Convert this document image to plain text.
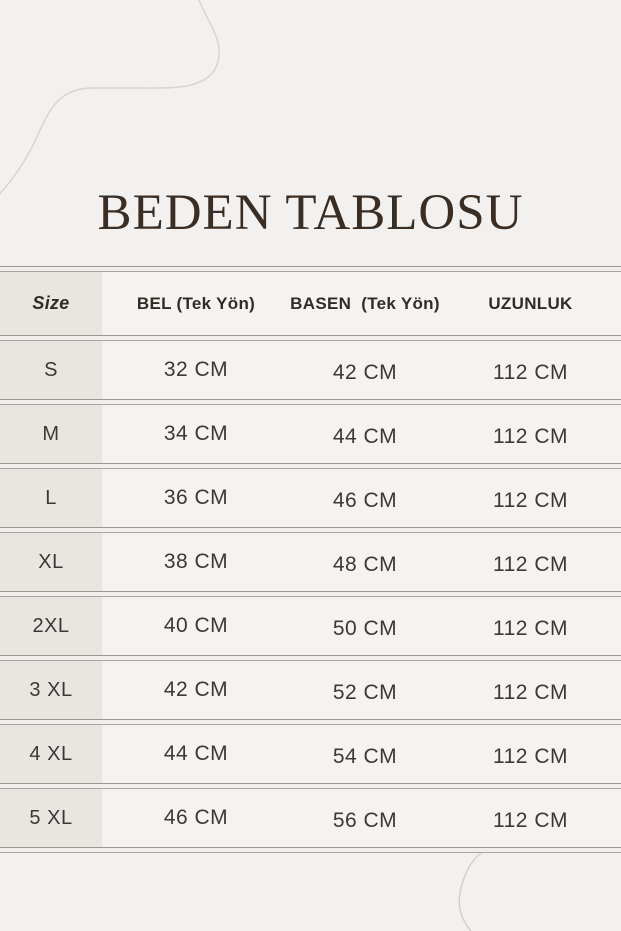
BEDEN TABLOSU
Size	BEL (Tek Yön)	BASEN  (Tek Yön)	UZUNLUK
S	32 CM	42 CM	112 CM
M	34 CM	44 CM	112 CM
L	36 CM	46 CM	112 CM
XL	38 CM	48 CM	112 CM
2XL	40 CM	50 CM	112 CM
3 XL	42 CM	52 CM	112 CM
4 XL	44 CM	54 CM	112 CM
5 XL	46 CM	56 CM	112 CM
